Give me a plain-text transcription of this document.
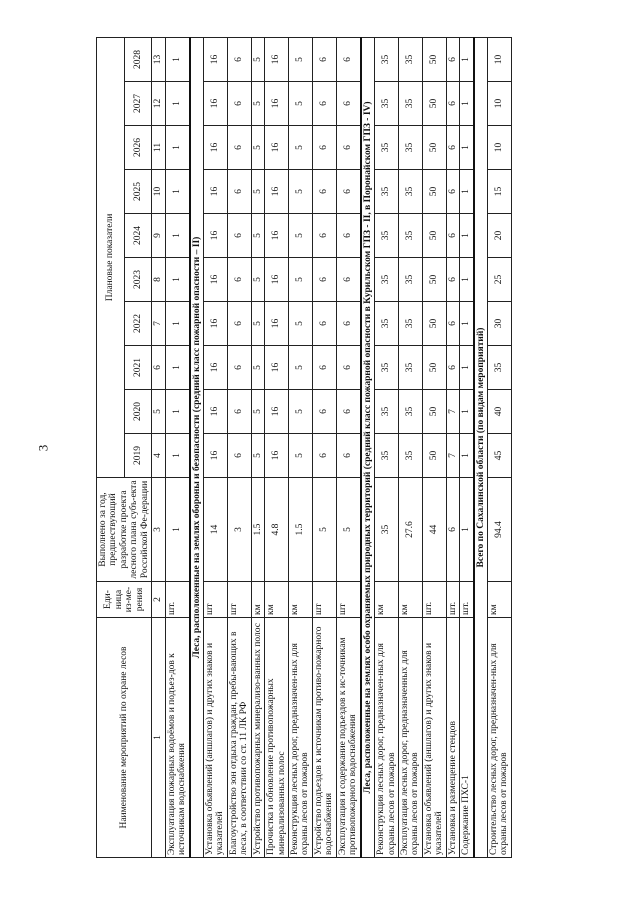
3
Наименование мероприятий по охране лесов	Еди-ница из-ме-рения	Выполнено за год, предшествующий разработке проекта лесного плана субъ-екта Российской Фе-дерации	Плановые показатели									
			2019	2020	2021	2022	2023	2024	2025	2026	2027	2028
1	2	3	4	5	6	7	8	9	10	11	12	13
Эксплуатация пожарных водоёмов и подъез-дов к источникам водоснабжения	шт.	1	1	1	1	1	1	1	1	1	1	1
Леса, расположенные на землях обороны и безопасности (средний класс пожарной опасности – II)												
Установка объявлений (аншлагов) и других знаков и указателей	шт	14	16	16	16	16	16	16	16	16	16	16
Благоустройство зон отдыха граждан, пребы-вающих в лесах, в соответствии со ст. 11 ЛК РФ	шт	3	6	6	6	6	6	6	6	6	6	6
Устройство противопожарных минерализо-ванных полос	км	1.5	5	5	5	5	5	5	5	5	5	5
Прочистка и обновление противопожарных минерализованных полос	км	4.8	16	16	16	16	16	16	16	16	16	16
Реконструкция лесных дорог, предназначен-ных для охраны лесов от пожаров	км	1.5	5	5	5	5	5	5	5	5	5	5
Устройство подъездов к источникам противо-пожарного водоснабжения	шт	5	6	6	6	6	6	6	6	6	6	6
Эксплуатация и содержание подъездов к ис-точникам противопожарного водоснабжения	шт	5	6	6	6	6	6	6	6	6	6	6
Леса, расположенные на землях особо охраняемых природных территорий (средний класс пожарной опасности в Курильском ГПЗ - II, в Поронайском ГПЗ - IV)												
Реконструкция лесных дорог, предназначен-ных для охраны лесов от пожаров	км	35	35	35	35	35	35	35	35	35	35	35
Эксплуатация лесных дорог, предназначенных для охраны лесов от пожаров	км	27.6	35	35	35	35	35	35	35	35	35	35
Установка объявлений (аншлагов) и других знаков и указателей	шт.	44	50	50	50	50	50	50	50	50	50	50
Установка и размещение стендов	шт.	6	7	7	6	6	6	6	6	6	6	6
Содержание ПХС-1	шт.	1	1	1	1	1	1	1	1	1	1	1
Всего по Сахалинской области (по видам мероприятий)												
Строительство лесных дорог, предназначен-ных для охраны лесов от пожаров	км	94.4	45	40	35	30	25	20	15	10	10	10
